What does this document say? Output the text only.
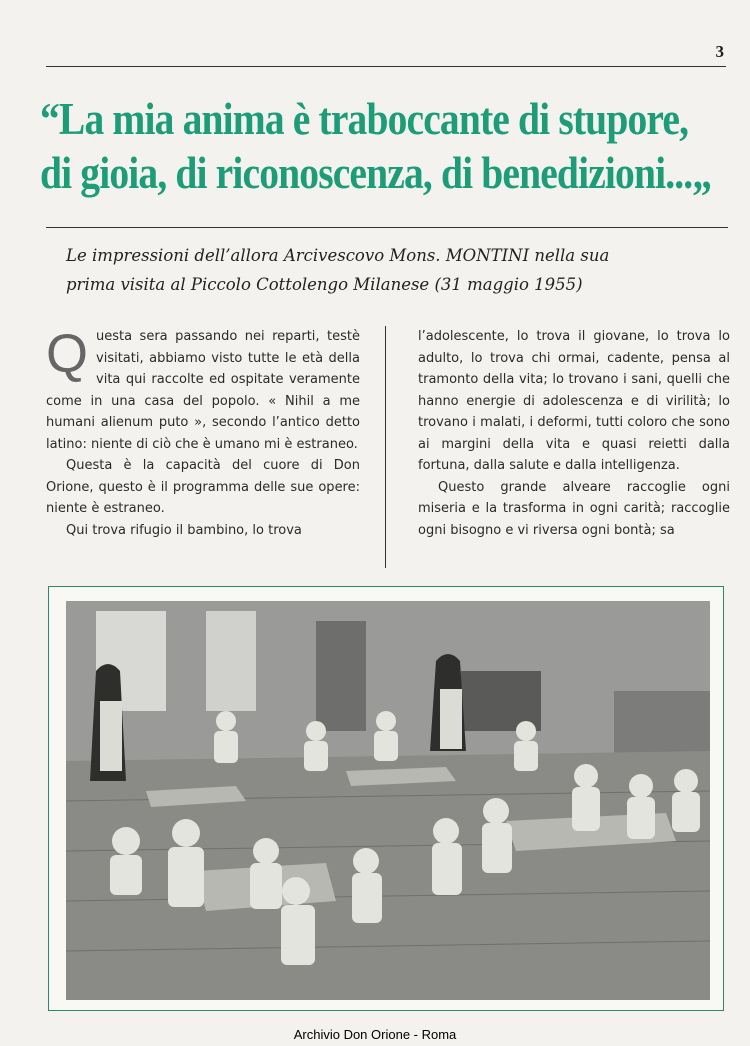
3
“La mia anima è traboccante di stupore,
di gioia, di riconoscenza, di benedizioni...„
Le impressioni dell’allora Arcivescovo Mons. MONTINI nella sua
prima visita al Piccolo Cottolengo Milanese (31 maggio 1955)

Questa sera passando nei reparti, testè visitati, abbiamo visto tutte le età della vita qui raccolte ed ospitate veramente come in una casa del popolo. « Nihil a me humani alienum puto », secondo l’antico detto latino: niente di ciò che è umano mi è estraneo.

Questa è la capacità del cuore di Don Orione, questo è il programma delle sue opere: niente è estraneo.

Qui trova rifugio il bambino, lo trova

l’adolescente, lo trova il giovane, lo trova lo adulto, lo trova chi ormai, cadente, pensa al tramonto della vita; lo trovano i sani, quelli che hanno energie di adolescenza e di virilità; lo trovano i malati, i deformi, tutti coloro che sono ai margini della vita e quasi reietti dalla fortuna, dalla salute e dalla intelligenza.

Questo grande alveare raccoglie ogni miseria e la trasforma in ogni carità; raccoglie ogni bisogno e vi riversa ogni bontà; sa

Archivio Don Orione - Roma
